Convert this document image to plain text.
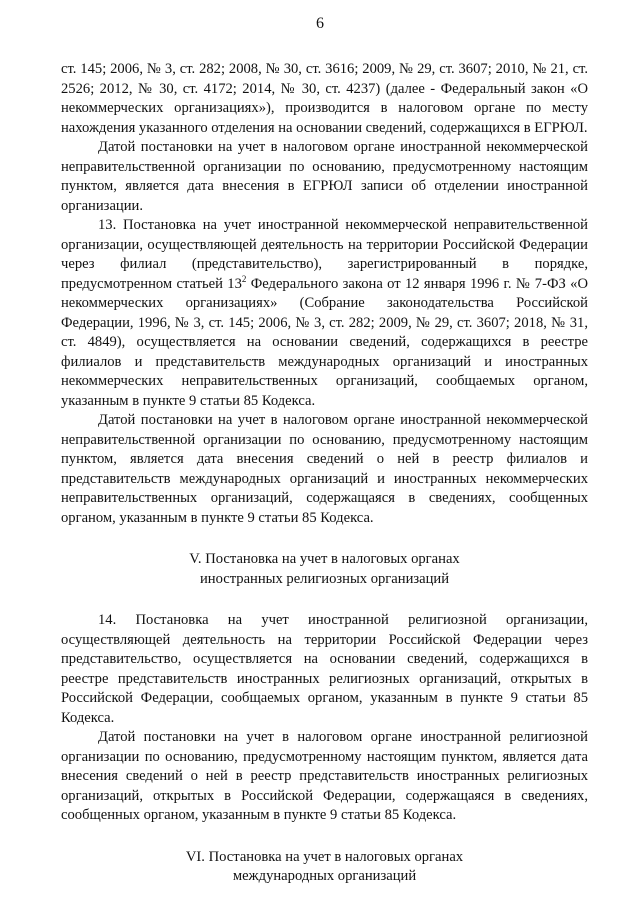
6

ст. 145; 2006, № 3, ст. 282; 2008, № 30, ст. 3616; 2009, № 29, ст. 3607; 2010, № 21, ст. 2526; 2012, № 30, ст. 4172; 2014, № 30, ст. 4237) (далее - Федеральный закон «О некоммерческих организациях»), производится в налоговом органе по месту нахождения указанного отделения на основании сведений, содержащихся в ЕГРЮЛ.

Датой постановки на учет в налоговом органе иностранной некоммерческой неправительственной организации по основанию, предусмотренному настоящим пунктом, является дата внесения в ЕГРЮЛ записи об отделении иностранной организации.

13. Постановка на учет иностранной некоммерческой неправительственной организации, осуществляющей деятельность на территории Российской Федерации через филиал (представительство), зарегистрированный в порядке, предусмотренном статьей $13^2$ Федерального закона от 12 января 1996 г. № 7-ФЗ «О некоммерческих организациях» (Собрание законодательства Российской Федерации, 1996, № 3, ст. 145; 2006, № 3, ст. 282; 2009, № 29, ст. 3607; 2018, № 31, ст. 4849), осуществляется на основании сведений, содержащихся в реестре филиалов и представительств международных организаций и иностранных некоммерческих неправительственных организаций, сообщаемых органом, указанным в пункте 9 статьи 85 Кодекса.

Датой постановки на учет в налоговом органе иностранной некоммерческой неправительственной организации по основанию, предусмотренному настоящим пунктом, является дата внесения сведений о ней в реестр филиалов и представительств международных организаций и иностранных некоммерческих неправительственных организаций, содержащаяся в сведениях, сообщенных органом, указанным в пункте 9 статьи 85 Кодекса.

V. Постановка на учет в налоговых органах
иностранных религиозных организаций

14. Постановка на учет иностранной религиозной организации, осуществляющей деятельность на территории Российской Федерации через представительство, осуществляется на основании сведений, содержащихся в реестре представительств иностранных религиозных организаций, открытых в Российской Федерации, сообщаемых органом, указанным в пункте 9 статьи 85 Кодекса.

Датой постановки на учет в налоговом органе иностранной религиозной организации по основанию, предусмотренному настоящим пунктом, является дата внесения сведений о ней в реестр представительств иностранных религиозных организаций, открытых в Российской Федерации, содержащаяся в сведениях, сообщенных органом, указанным в пункте 9 статьи 85 Кодекса.

VI. Постановка на учет в налоговых органах
международных организаций
